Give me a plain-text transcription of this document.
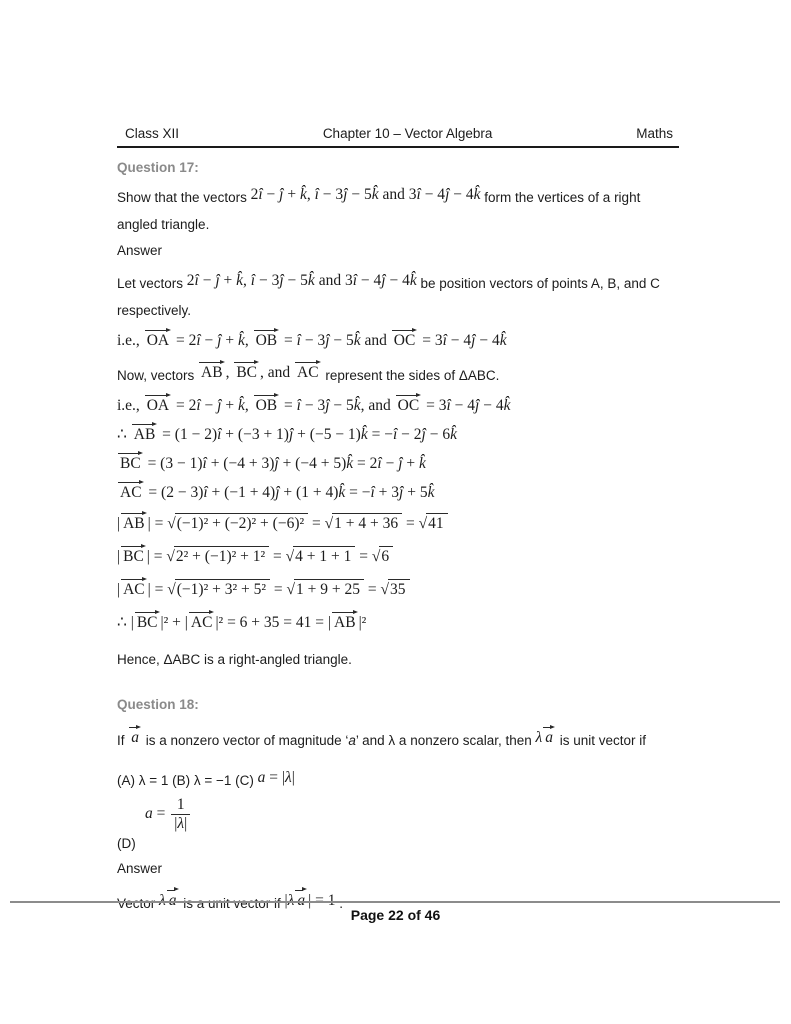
Class XII	Chapter 10 – Vector Algebra	Maths
Question 17:

Show that the vectors 2î − ĵ + k̂, î − 3ĵ − 5k̂ and 3î − 4ĵ − 4k̂ form the vertices of a right angled triangle.

Answer

Let vectors 2î − ĵ + k̂, î − 3ĵ − 5k̂ and 3î − 4ĵ − 4k̂ be position vectors of points A, B, and C respectively.

i.e., OA = 2î − ĵ + k̂, OB = î − 3ĵ − 5k̂ and OC = 3î − 4ĵ − 4k̂

Now, vectors AB , BC , and AC represent the sides of ΔABC.

i.e., OA = 2î − ĵ + k̂, OB = î − 3ĵ − 5k̂, and OC = 3î − 4ĵ − 4k̂
∴ AB = (1 − 2)î + (−3 + 1)ĵ + (−5 − 1)k̂ = −î − 2ĵ − 6k̂
BC = (3 − 1)î + (−4 + 3)ĵ + (−4 + 5)k̂ = 2î − ĵ + k̂
AC = (2 − 3)î + (−1 + 4)ĵ + (1 + 4)k̂ = −î + 3ĵ + 5k̂
| AB | = √(−1)² + (−2)² + (−6)² = √1 + 4 + 36 = √41
| BC | = √2² + (−1)² + 1² = √4 + 1 + 1 = √6
| AC | = √(−1)² + 3² + 5² = √1 + 9 + 25 = √35
∴ | BC |² + | AC |² = 6 + 35 = 41 = | AB |²

Hence, ΔABC is a right-angled triangle.

Question 18:

If a is a nonzero vector of magnitude ‘a’ and λ a nonzero scalar, then λ a is unit vector if

(A) λ = 1 (B) λ = −1 (C) a = |λ|

$a = \frac{1}{|\lambda|}$
(D)

Answer

Vector λ a is a unit vector if |λ a | = 1 .

Page 22 of 46
